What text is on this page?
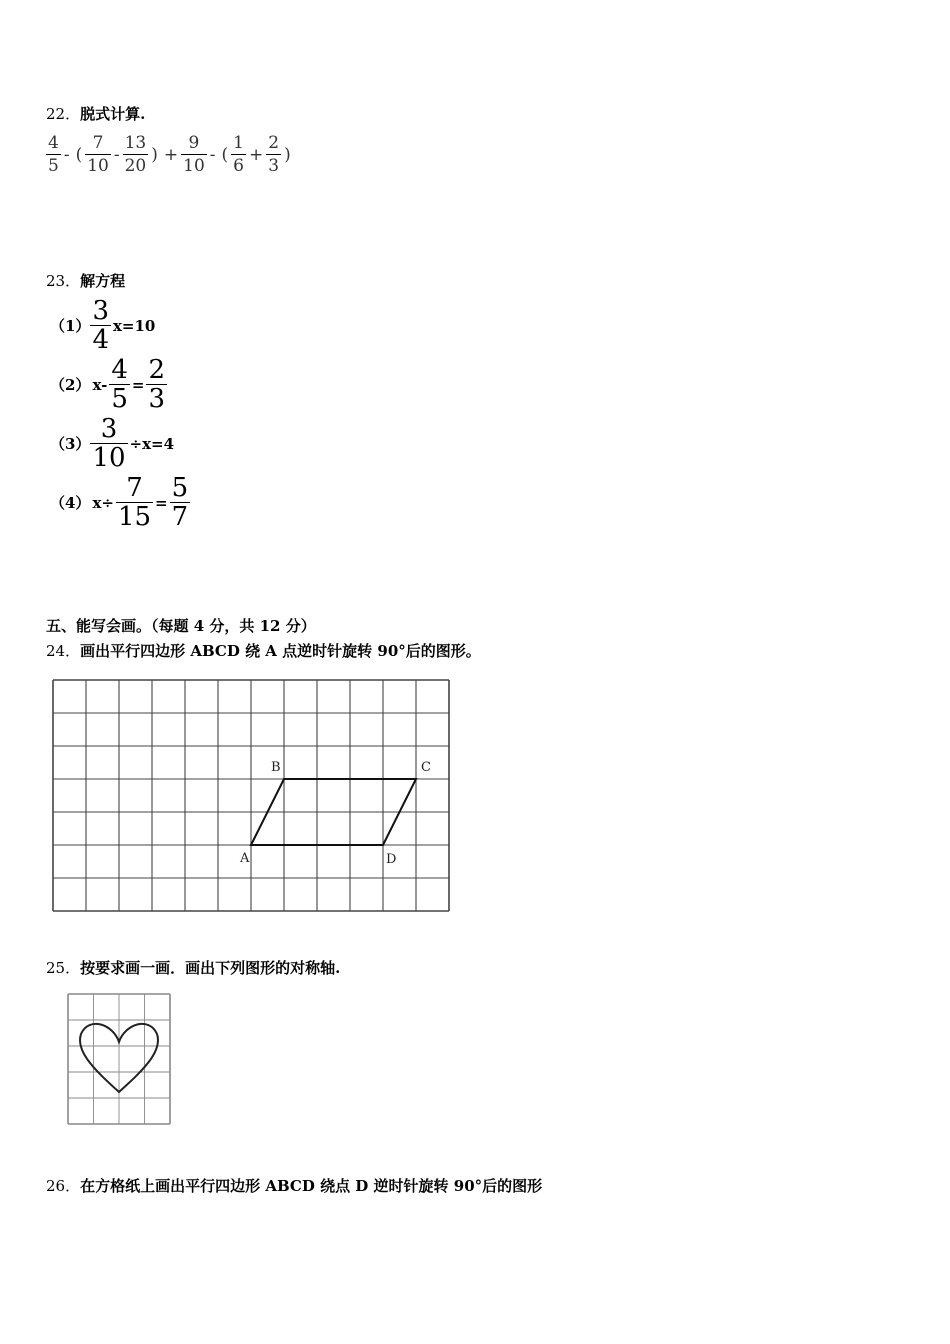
22．脱式计算.
$\frac{4}{5}$ - ( $\frac{7}{10} - \frac{13}{20}$ ) + $\frac{9}{10}$ - ( $\frac{1}{6} + \frac{2}{3}$ )
23．解方程
$(1) \frac{3}{4} x=10$
（2） $x- \frac{4}{5} = \frac{2}{3}$
$(3) \frac{3}{10} \div x=4$
（4） $x\div \frac{7}{15} = \frac{5}{7}$
五、能写会画。（每题 4 分，共 12 分）
24．画出平行四边形 ABCD 绕 A 点逆时针旋转 90°后的图形。
A
B	C
D
25．按要求画一画．画出下列图形的对称轴.
26．在方格纸上画出平行四边形 ABCD 绕点 D 逆时针旋转 90°后的图形
